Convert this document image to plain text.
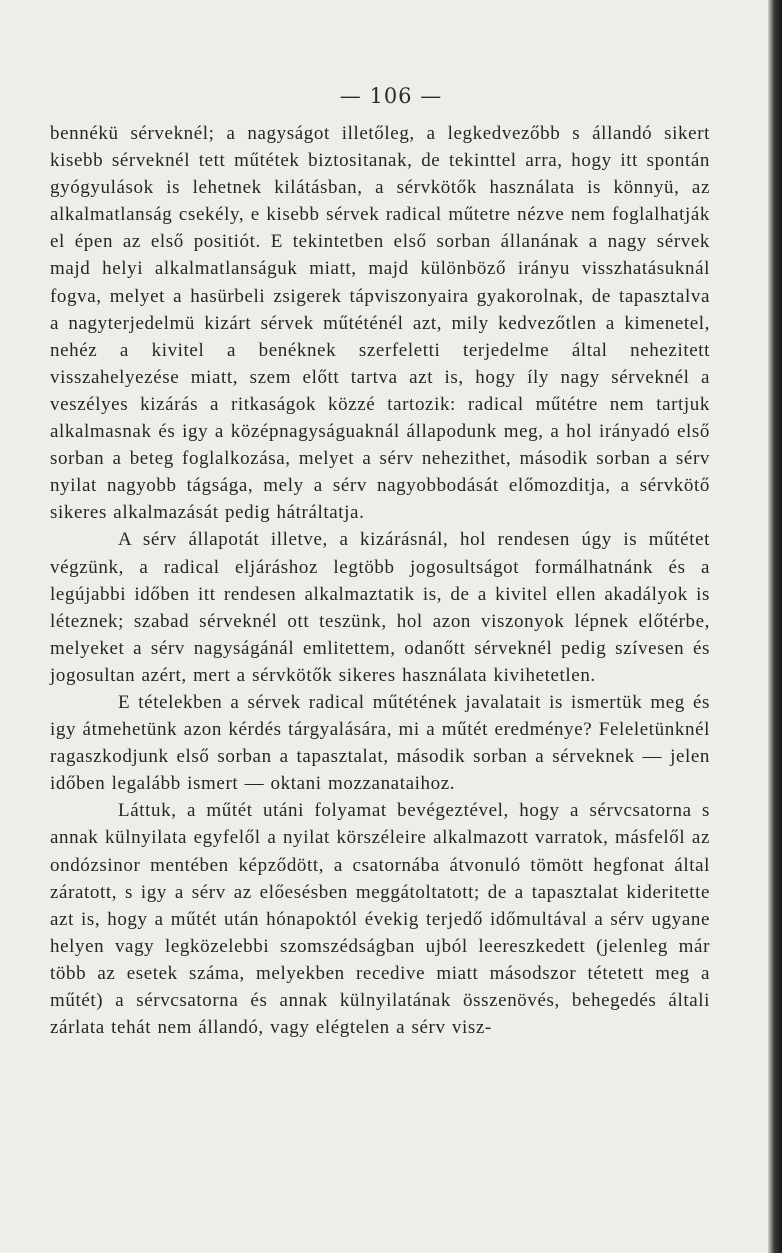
— 106 —

bennékü sérveknél; a nagyságot illetőleg, a legkedvezőbb s állandó sikert kisebb sérveknél tett műtétek biztositanak, de tekinttel arra, hogy itt spontán gyógyulások is lehetnek kilátásban, a sérvkötők használata is könnyü, az alkalmatlanság csekély, e kisebb sérvek radical műtetre nézve nem foglalhatják el épen az első positiót. E tekintetben első sorban állanának a nagy sérvek majd helyi alkalmatlanságuk miatt, majd különböző irányu visszhatásuknál fogva, melyet a hasürbeli zsigerek tápviszonyaira gyakorolnak, de tapasztalva a nagyterjedelmü kizárt sérvek műtéténél azt, mily kedvezőtlen a kimenetel, nehéz a kivitel a benéknek szerfeletti terjedelme által nehezitett visszahelyezése miatt, szem előtt tartva azt is, hogy íly nagy sérveknél a veszélyes kizárás a ritkaságok közzé tartozik: radical műtétre nem tartjuk alkalmasnak és igy a középnagyságuaknál állapodunk meg, a hol irányadó első sorban a beteg foglalkozása, melyet a sérv nehezithet, második sorban a sérv nyilat nagyobb tágsága, mely a sérv nagyobbodását előmozditja, a sérvkötő sikeres alkalmazását pedig hátráltatja.

A sérv állapotát illetve, a kizárásnál, hol rendesen úgy is műtétet végzünk, a radical eljáráshoz legtöbb jogosultságot formálhatnánk és a legújabbi időben itt rendesen alkalmaztatik is, de a kivitel ellen akadályok is léteznek; szabad sérveknél ott teszünk, hol azon viszonyok lépnek előtérbe, melyeket a sérv nagyságánál emlitettem, odanőtt sérveknél pedig szívesen és jogosultan azért, mert a sérvkötők sikeres használata kivihetetlen.

E tételekben a sérvek radical műtétének javalatait is ismertük meg és igy átmehetünk azon kérdés tárgyalására, mi a műtét eredménye? Feleletünknél ragaszkodjunk első sorban a tapasztalat, második sorban a sérveknek — jelen időben legalább ismert — oktani mozzanataihoz.

Láttuk, a műtét utáni folyamat bevégeztével, hogy a sérvcsatorna s annak külnyilata egyfelől a nyilat körszéleire alkalmazott varratok, másfelől az ondózsinor mentében képződött, a csatornába átvonuló tömött hegfonat által záratott, s igy a sérv az előesésben meggátoltatott; de a tapasztalat kideritette azt is, hogy a műtét után hónapoktól évekig terjedő időmultával a sérv ugyane helyen vagy legközelebbi szomszédságban ujból leereszkedett (jelenleg már több az esetek száma, melyekben recedive miatt másodszor tétetett meg a műtét) a sérvcsatorna és annak külnyilatának összenövés, behegedés általi zárlata tehát nem állandó, vagy elégtelen a sérv visz-
